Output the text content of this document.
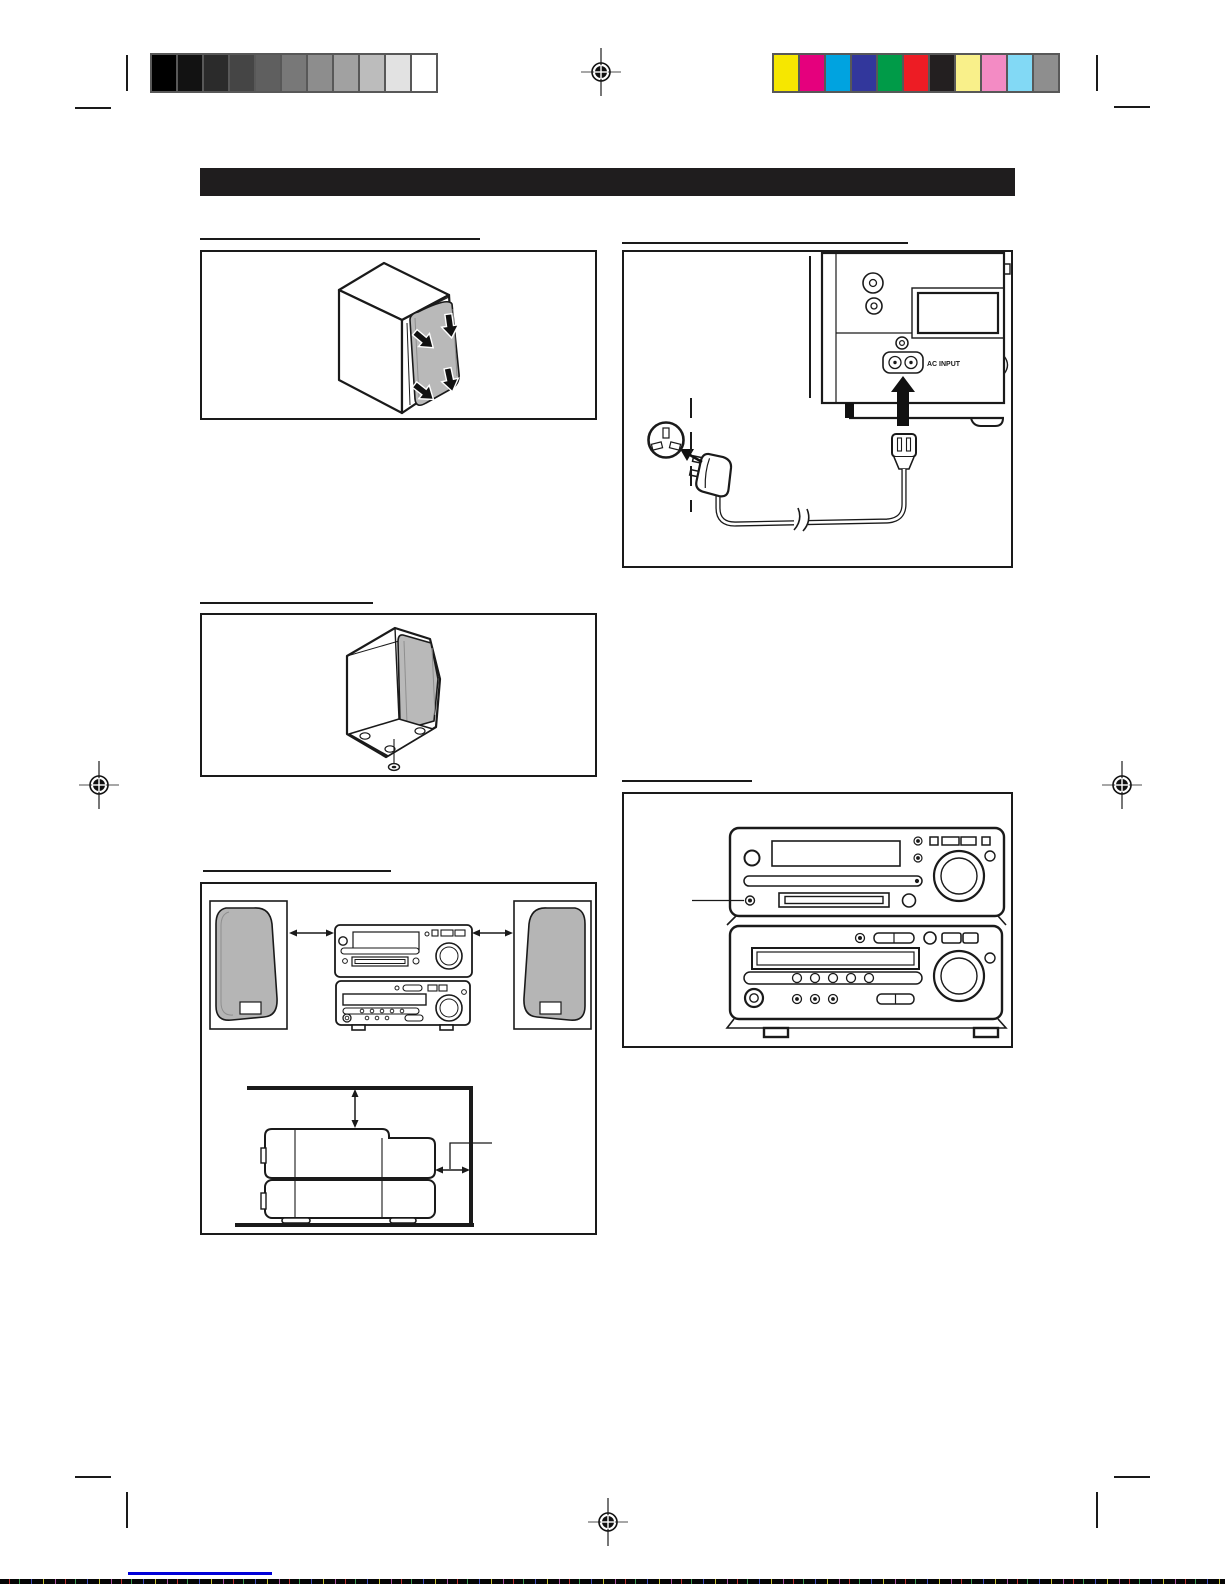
AC INPUT
